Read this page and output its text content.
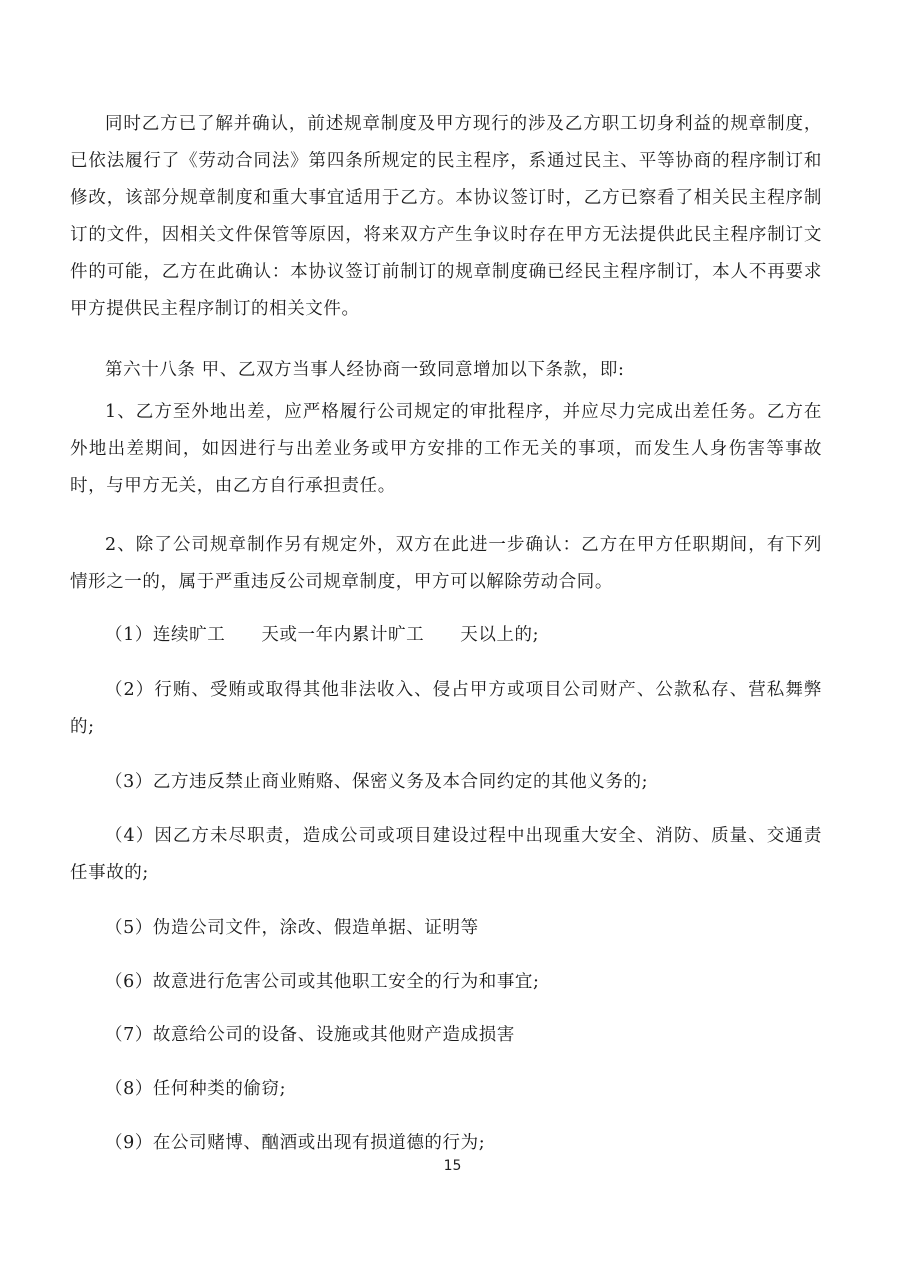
同时乙方已了解并确认，前述规章制度及甲方现行的涉及乙方职工切身利益的规章制度，已依法履行了《劳动合同法》第四条所规定的民主程序，系通过民主、平等协商的程序制订和修改，该部分规章制度和重大事宜适用于乙方。本协议签订时，乙方已察看了相关民主程序制订的文件，因相关文件保管等原因，将来双方产生争议时存在甲方无法提供此民主程序制订文件的可能，乙方在此确认：本协议签订前制订的规章制度确已经民主程序制订，本人不再要求甲方提供民主程序制订的相关文件。

第六十八条 甲、乙双方当事人经协商一致同意增加以下条款，即:

1、乙方至外地出差，应严格履行公司规定的审批程序，并应尽力完成出差任务。乙方在外地出差期间，如因进行与出差业务或甲方安排的工作无关的事项，而发生人身伤害等事故时，与甲方无关，由乙方自行承担责任。

2、除了公司规章制作另有规定外，双方在此进一步确认：乙方在甲方任职期间，有下列情形之一的，属于严重违反公司规章制度，甲方可以解除劳动合同。

（1）连续旷工 天或一年内累计旷工 天以上的;

（2）行贿、受贿或取得其他非法收入、侵占甲方或项目公司财产、公款私存、营私舞弊的;

（3）乙方违反禁止商业贿赂、保密义务及本合同约定的其他义务的;

（4）因乙方未尽职责，造成公司或项目建设过程中出现重大安全、消防、质量、交通责任事故的;

（5）伪造公司文件，涂改、假造单据、证明等

（6）故意进行危害公司或其他职工安全的行为和事宜;

（7）故意给公司的设备、设施或其他财产造成损害

（8）任何种类的偷窃;

（9）在公司赌博、酗酒或出现有损道德的行为;

15
